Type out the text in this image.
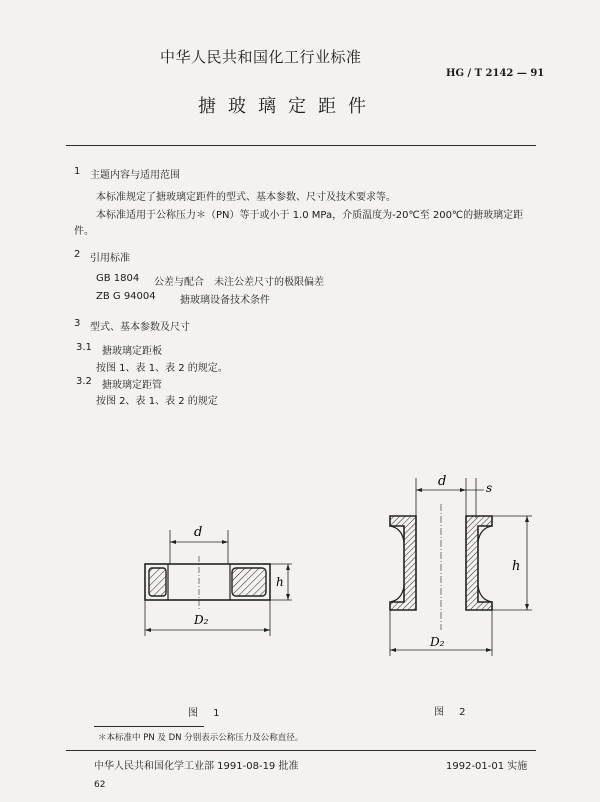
中华人民共和国化工行业标准
HG / T 2142 — 91
搪玻璃定距件
1 主题内容与适用范围
本标准规定了搪玻璃定距件的型式、基本参数、尺寸及技术要求等。
本标准适用于公称压力＊（PN）等于或小于 1.0 MPa，介质温度为-20℃至 200℃的搪玻璃定距
件。
2 引用标准
GB 1804 公差与配合　未注公差尺寸的极限偏差
ZB G 94004 搪玻璃设备技术条件
3 型式、基本参数及尺寸
3.1 搪玻璃定距板
按图 1、表 1、表 2 的规定。
3.2 搪玻璃定距管
按图 2、表 1、表 2 的规定
d
h
D₂
d	s
h
D₂
图 1	图 2
＊本标准中 PN 及 DN 分别表示公称压力及公称直径。
中华人民共和国化学工业部 1991-08-19 批准	1992-01-01 实施
62
